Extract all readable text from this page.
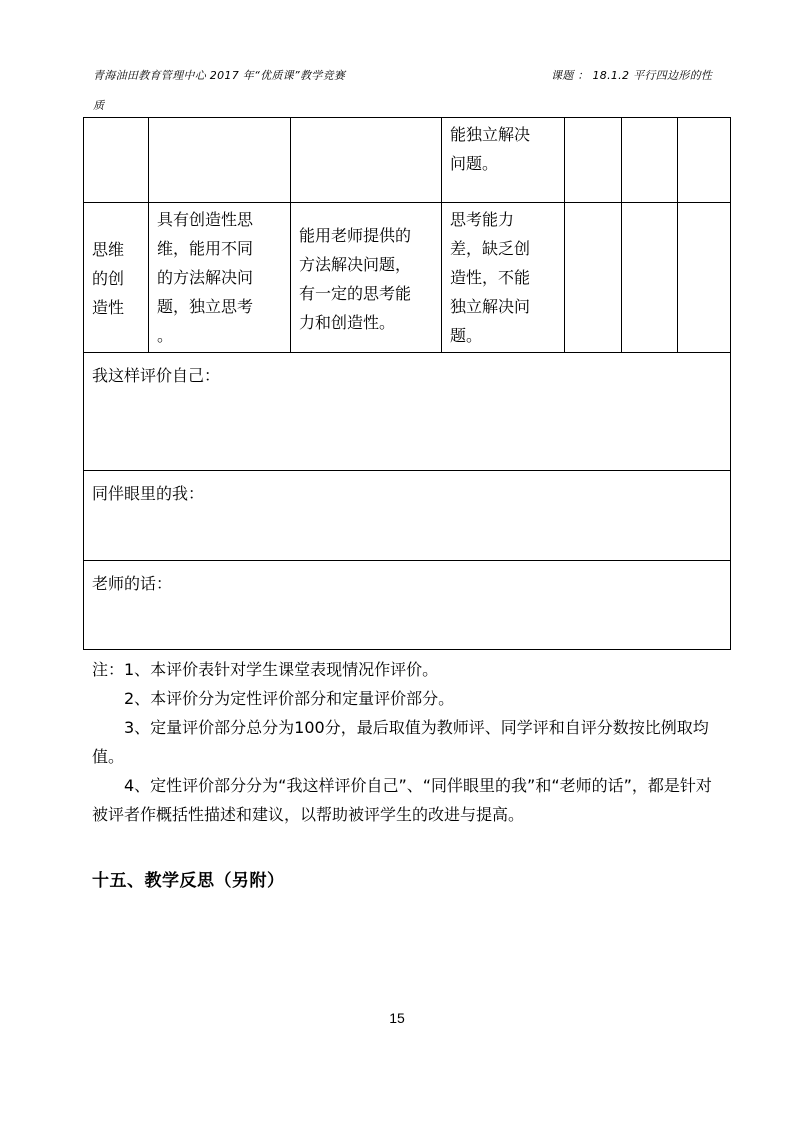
青海油田教育管理中心 2017 年“优质课”教学竞赛	课题 ： 18.1.2 平行四边形的性
质
			能独立解决
问题。			
思维
的创
造性	具有创造性思
维，能用不同
的方法解决问
题，独立思考
。	能用老师提供的
方法解决问题，
有一定的思考能
力和创造性。	思考能力
差，缺乏创
造性，不能
独立解决问
题。			
我这样评价自己：						
同伴眼里的我：						
老师的话：						

注：1、本评价表针对学生课堂表现情况作评价。

2、本评价分为定性评价部分和定量评价部分。

3、定量评价部分总分为100分，最后取值为教师评、同学评和自评分数按比例取均值。

4、定性评价部分分为“我这样评价自己”、“同伴眼里的我”和“老师的话”，都是针对被评者作概括性描述和建议，以帮助被评学生的改进与提高。

十五、教学反思（另附）
15
